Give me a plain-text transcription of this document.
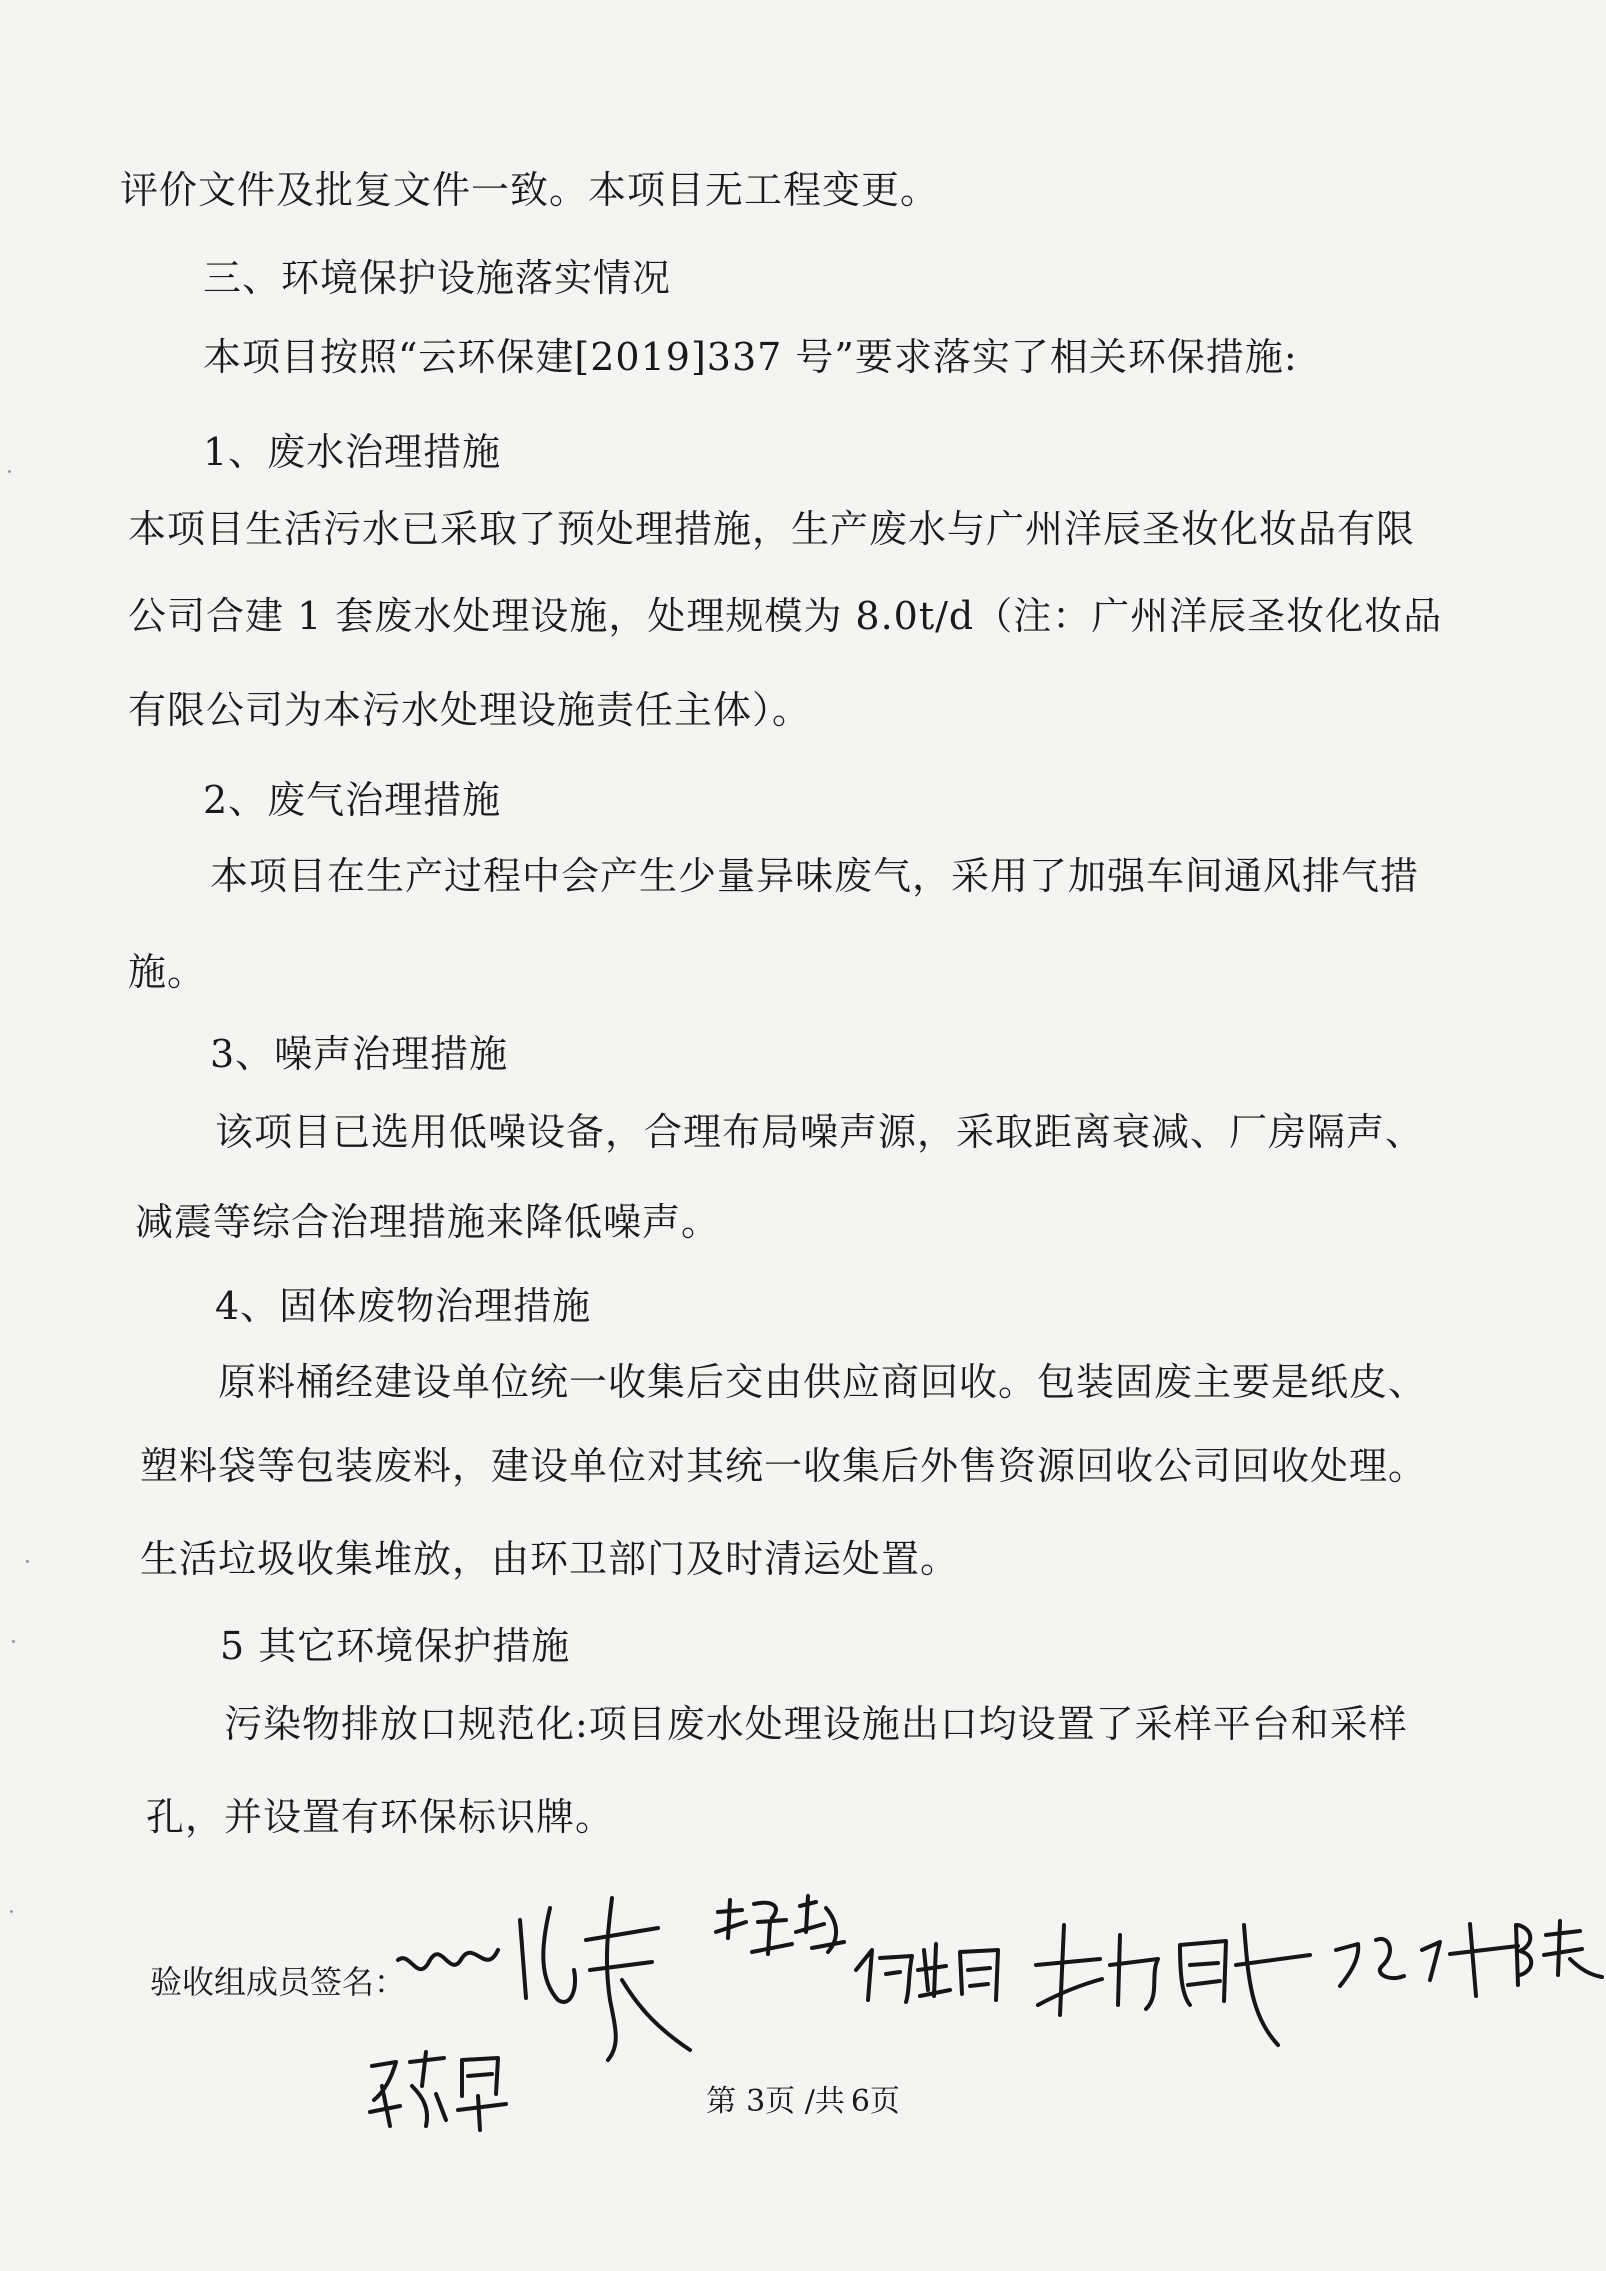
评价文件及批复文件一致。本项目无工程变更。
三、环境保护设施落实情况
本项目按照“云环保建[2019]337 号”要求落实了相关环保措施:
1、废水治理措施
本项目生活污水已采取了预处理措施，生产废水与广州洋辰圣妆化妆品有限
公司合建 1 套废水处理设施，处理规模为 8.0t/d（注：广州洋辰圣妆化妆品
有限公司为本污水处理设施责任主体）。
2、废气治理措施
本项目在生产过程中会产生少量异味废气，采用了加强车间通风排气措
施。
3、噪声治理措施
该项目已选用低噪设备，合理布局噪声源，采取距离衰减、厂房隔声、
减震等综合治理措施来降低噪声。
4、固体废物治理措施
原料桶经建设单位统一收集后交由供应商回收。包装固废主要是纸皮、
塑料袋等包装废料，建设单位对其统一收集后外售资源回收公司回收处理。
生活垃圾收集堆放，由环卫部门及时清运处置。
5 其它环境保护措施
污染物排放口规范化:项目废水处理设施出口均设置了采样平台和采样
孔，并设置有环保标识牌。
验收组成员签名：
第 3页 /共 6页
